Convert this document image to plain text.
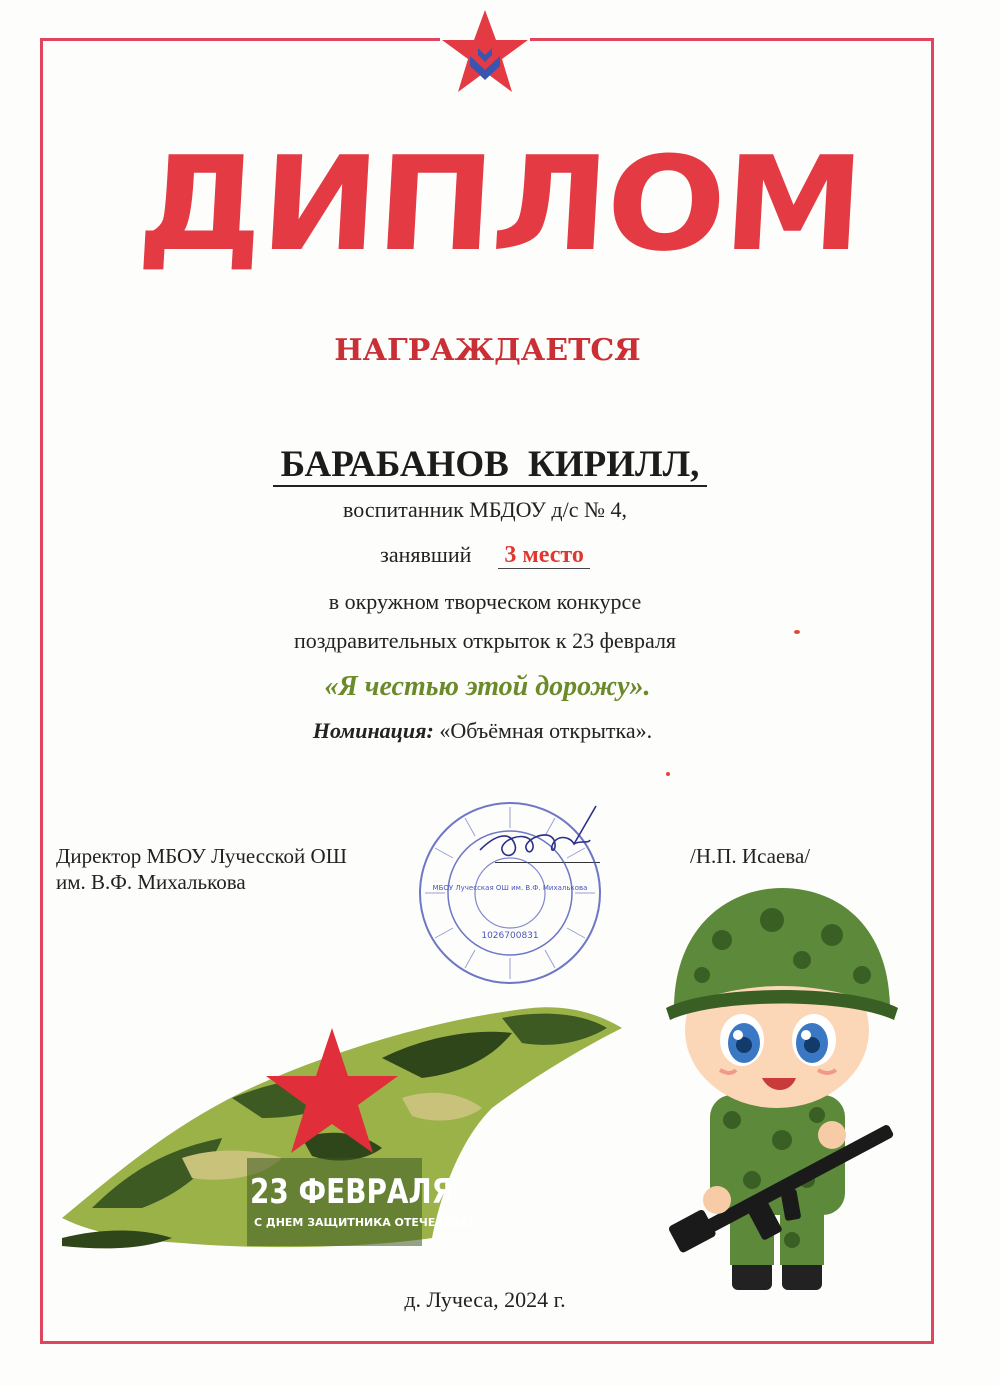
ДИПЛОМ
НАГРАЖДАЕТСЯ
БАРАБАНОВ КИРИЛЛ,
воспитанник МБДОУ д/с № 4,
занявший 3 место
в окружном творческом конкурсе
поздравительных открыток к 23 февраля
«Я честью этой дорожу».
Номинация: «Объёмная открытка».
Директор МБОУ Лучесской ОШ
им. В.Ф. Михалькова
/Н.П. Исаева/
МБОУ Лучесская ОШ им. В.Ф. Михалькова
1026700831
23 ФЕВРАЛЯ
С ДНЕМ ЗАЩИТНИКА ОТЕЧЕСТВА!
д. Лучеса, 2024 г.
